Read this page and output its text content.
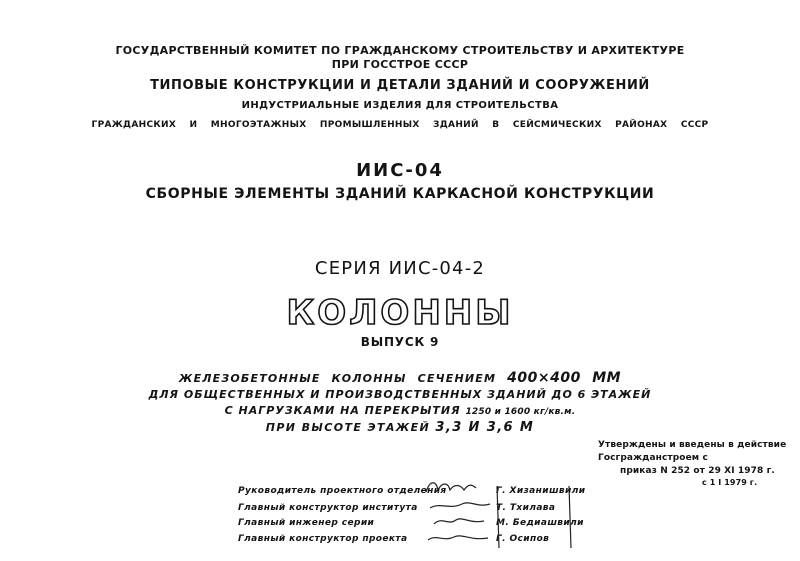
ГОСУДАРСТВЕННЫЙ КОМИТЕТ ПО ГРАЖДАНСКОМУ СТРОИТЕЛЬСТВУ И АРХИТЕКТУРЕ
ПРИ ГОССТРОЕ СССР
ТИПОВЫЕ КОНСТРУКЦИИ И ДЕТАЛИ ЗДАНИЙ И СООРУЖЕНИЙ
ИНДУСТРИАЛЬНЫЕ ИЗДЕЛИЯ ДЛЯ СТРОИТЕЛЬСТВА
ГРАЖДАНСКИХ И МНОГОЭТАЖНЫХ ПРОМЫШЛЕННЫХ ЗДАНИЙ В СЕЙСМИЧЕСКИХ РАЙОНАХ СССР
ИИС-04
СБОРНЫЕ ЭЛЕМЕНТЫ ЗДАНИЙ КАРКАСНОЙ КОНСТРУКЦИИ
СЕРИЯ ИИС-04-2
КОЛОННЫ
ВЫПУСК 9
ЖЕЛЕЗОБЕТОННЫЕ КОЛОННЫ СЕЧЕНИЕМ 400×400 ММ
ДЛЯ ОБЩЕСТВЕННЫХ И ПРОИЗВОДСТВЕННЫХ ЗДАНИЙ ДО 6 ЭТАЖЕЙ
С НАГРУЗКАМИ НА ПЕРЕКРЫТИЯ 1250 и 1600 кг/кв.м.
ПРИ ВЫСОТЕ ЭТАЖЕЙ 3,3 И 3,6 М
Утверждены и введены в действие
Госгражданстроем с
приказ N 252 от 29 XI 1978 г.
с 1 I 1979 г.
Руководитель проектного отделения	Г. Хизанишвили
Главный конструктор института	Т. Тхилава
Главный инженер серии	М. Бедиашвили
Главный конструктор проекта	Г. Осипов
